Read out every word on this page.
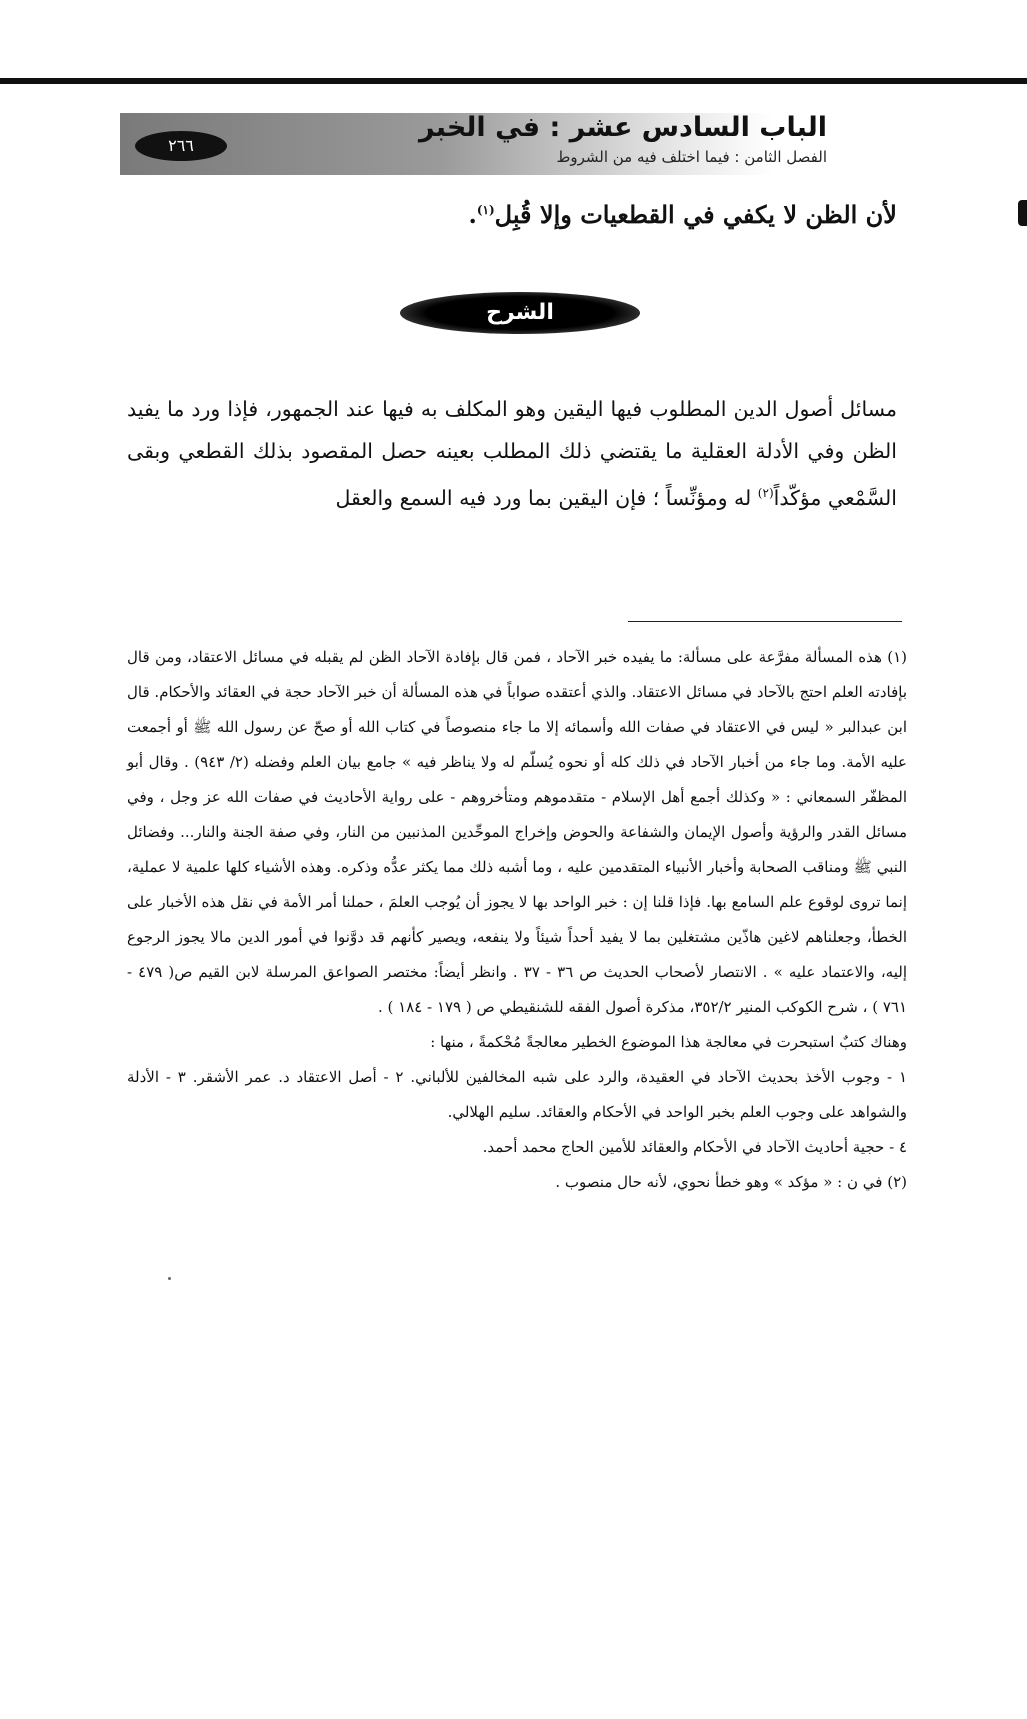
٢٦٦
الباب السادس عشر : في الخبر
الفصل الثامن : فيما اختلف فيه من الشروط
لأن الظن لا يكفي في القطعيات وإلا قُبِل$^{(١)}$.
الشرح

مسائل أصول الدين المطلوب فيها اليقين وهو المكلف به فيها عند الجمهور، فإذا ورد ما يفيد الظن وفي الأدلة العقلية ما يقتضي ذلك المطلب بعينه حصل المقصود بذلك القطعي وبقى السَّمْعي مؤكّداً$^{(٢)}$ له ومؤنِّساً ؛ فإن اليقين بما ورد فيه السمع والعقل

(١) هذه المسألة مفرَّعة على مسألة: ما يفيده خبر الآحاد ، فمن قال بإفادة الآحاد الظن لم يقبله في مسائل الاعتقاد، ومن قال بإفادته العلم احتج بالآحاد في مسائل الاعتقاد. والذي أعتقده صواباً في هذه المسألة أن خبر الآحاد حجة في العقائد والأحكام. قال ابن عبدالبر « ليس في الاعتقاد في صفات الله وأسمائه إلا ما جاء منصوصاً في كتاب الله أو صحّ عن رسول الله ﷺ أو أجمعت عليه الأمة. وما جاء من أخبار الآحاد في ذلك كله أو نحوه يُسلّم له ولا يناظر فيه » جامع بيان العلم وفضله (٢/ ٩٤٣) . وقال أبو المظفّر السمعاني : « وكذلك أجمع أهل الإسلام - متقدموهم ومتأخروهم - على رواية الأحاديث في صفات الله عز وجل ، وفي مسائل القدر والرؤية وأصول الإيمان والشفاعة والحوض وإخراج الموحِّدين المذنبين من النار، وفي صفة الجنة والنار... وفضائل النبي ﷺ ومناقب الصحابة وأخبار الأنبياء المتقدمين عليه ، وما أشبه ذلك مما يكثر عدُّه وذكره. وهذه الأشياء كلها علمية لا عملية، إنما تروى لوقوع علم السامع بها. فإذا قلنا إن : خبر الواحد بها لا يجوز أن يُوجب العلمَ ، حملنا أمر الأمة في نقل هذه الأخبار على الخطأ، وجعلناهم لاغين هاذّين مشتغلين بما لا يفيد أحداً شيئاً ولا ينفعه، ويصير كأنهم قد دوَّنوا في أمور الدين مالا يجوز الرجوع إليه، والاعتماد عليه » . الانتصار لأصحاب الحديث ص ٣٦ - ٣٧ . وانظر أيضاً: مختصر الصواعق المرسلة لابن القيم ص( ٤٧٩ - ٧٦١ ) ، شرح الكوكب المنير ٣٥٢/٢، مذكرة أصول الفقه للشنقيطي ص ( ١٧٩ - ١٨٤ ) .

وهناك كتبٌ استبحرت في معالجة هذا الموضوع الخطير معالجةً مُحْكمةً ، منها :

١ - وجوب الأخذ بحديث الآحاد في العقيدة، والرد على شبه المخالفين للألباني. ٢ - أصل الاعتقاد د. عمر الأشقر. ٣ - الأدلة والشواهد على وجوب العلم بخبر الواحد في الأحكام والعقائد. سليم الهلالي.

٤ - حجية أحاديث الآحاد في الأحكام والعقائد للأمين الحاج محمد أحمد.

(٢) في ن : « مؤكد » وهو خطأ نحوي، لأنه حال منصوب .
